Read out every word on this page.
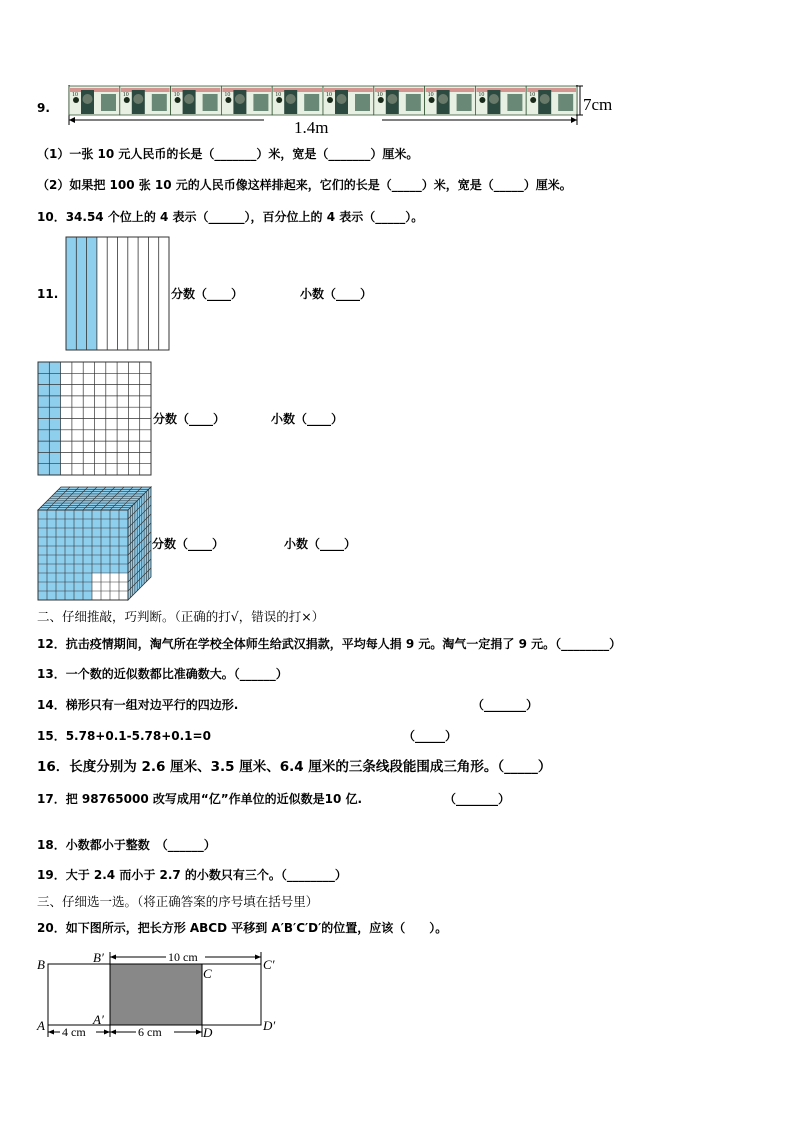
9.
10	10	10	10	10	10	10	10	10	10	7cm
1.4m
（1）一张 10 元人民币的长是（_______）米，宽是（_______）厘米。
（2）如果把 100 张 10 元的人民币像这样排起来，它们的长是（_____）米，宽是（_____）厘米。
10．34.54 个位上的 4 表示（______），百分位上的 4 表示（_____）。
11.	分数（____）	小数（____）
分数（____）	小数（____）
分数（____）	小数（____）
二、仔细推敲，巧判断。（正确的打√，错误的打×）
12．抗击疫情期间，淘气所在学校全体师生给武汉捐款，平均每人捐 9 元。淘气一定捐了 9 元。（________）
13．一个数的近似数都比准确数大。（______）
14．梯形只有一组对边平行的四边形.	（_______）
15．5.78+0.1-5.78+0.1=0	（_____）
16．长度分别为 2.6 厘米、3.5 厘米、6.4 厘米的三条线段能围成三角形。（_____）
17．把 98765000 改写成用“亿”作单位的近似数是10 亿.	（_______）
18．小数都小于整数　（______）
19．大于 2.4 而小于 2.7 的小数只有三个。（________）
三、仔细选一选。（将正确答案的序号填在括号里）
20．如下图所示，把长方形 ABCD 平移到 A′B′C′D′的位置，应该（　　）。
10 cm
4 cm	6 cm
B	B′
C
C′
A	A′
D	D′
